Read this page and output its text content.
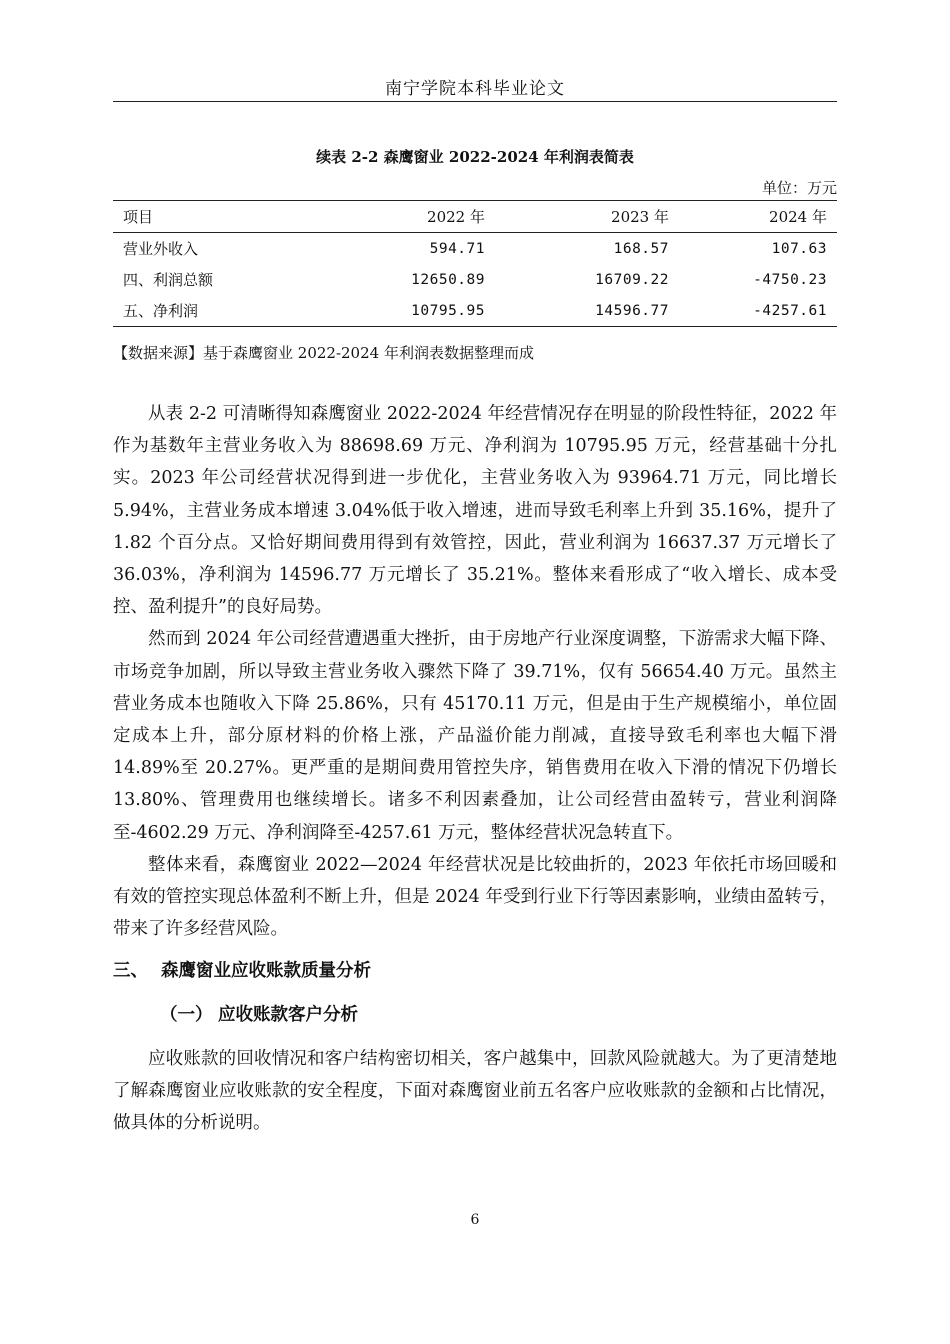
南宁学院本科毕业论文
续表 2-2 森鹰窗业 2022-2024 年利润表简表
单位：万元
项目	2022 年	2023 年	2024 年
营业外收入	594.71	168.57	107.63
四、利润总额	12650.89	16709.22	-4750.23
五、净利润	10795.95	14596.77	-4257.61
【数据来源】基于森鹰窗业 2022-2024 年利润表数据整理而成

从表 2-2 可清晰得知森鹰窗业 2022-2024 年经营情况存在明显的阶段性特征，2022 年作为基数年主营业务收入为 88698.69 万元、净利润为 10795.95 万元，经营基础十分扎实。2023 年公司经营状况得到进一步优化，主营业务收入为 93964.71 万元，同比增长 5.94%，主营业务成本增速 3.04%低于收入增速，进而导致毛利率上升到 35.16%，提升了 1.82 个百分点。又恰好期间费用得到有效管控，因此，营业利润为 16637.37 万元增长了 36.03%，净利润为 14596.77 万元增长了 35.21%。整体来看形成了“收入增长、成本受控、盈利提升”的良好局势。

然而到 2024 年公司经营遭遇重大挫折，由于房地产行业深度调整，下游需求大幅下降、市场竞争加剧，所以导致主营业务收入骤然下降了 39.71%，仅有 56654.40 万元。虽然主营业务成本也随收入下降 25.86%，只有 45170.11 万元，但是由于生产规模缩小，单位固定成本上升，部分原材料的价格上涨，产品溢价能力削减，直接导致毛利率也大幅下滑 14.89%至 20.27%。更严重的是期间费用管控失序，销售费用在收入下滑的情况下仍增长 13.80%、管理费用也继续增长。诸多不利因素叠加，让公司经营由盈转亏，营业利润降至-4602.29 万元、净利润降至-4257.61 万元，整体经营状况急转直下。

整体来看，森鹰窗业 2022—2024 年经营状况是比较曲折的，2023 年依托市场回暖和有效的管控实现总体盈利不断上升，但是 2024 年受到行业下行等因素影响，业绩由盈转亏，带来了许多经营风险。

三、 森鹰窗业应收账款质量分析
（一） 应收账款客户分析

应收账款的回收情况和客户结构密切相关，客户越集中，回款风险就越大。为了更清楚地了解森鹰窗业应收账款的安全程度，下面对森鹰窗业前五名客户应收账款的金额和占比情况，做具体的分析说明。

6
